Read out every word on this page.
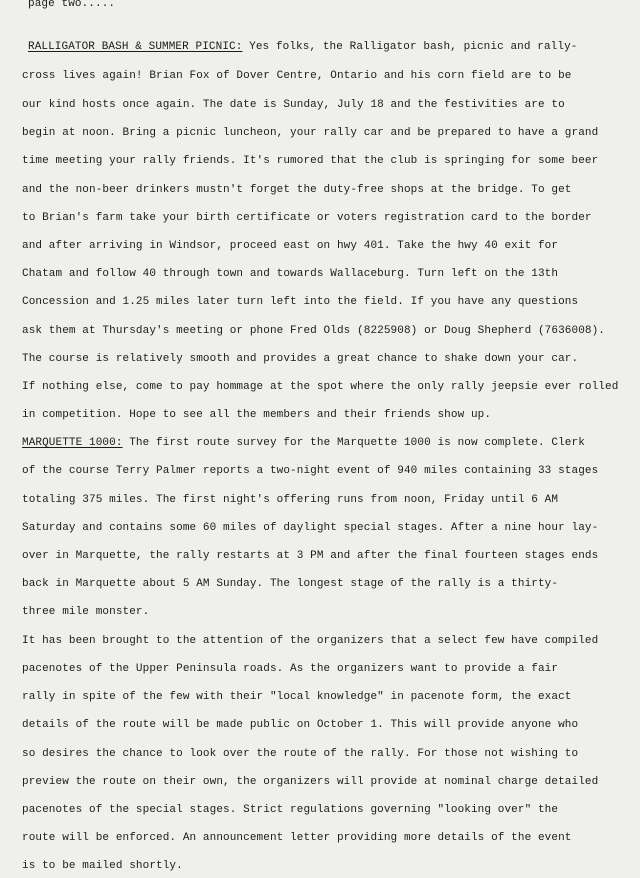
page two.....
RALLIGATOR BASH & SUMMER PICNIC: Yes folks, the Ralligator bash, picnic and rally-
cross lives again! Brian Fox of Dover Centre, Ontario and his corn field are to be
our kind hosts once again. The date is Sunday, July 18 and the festivities are to
begin at noon. Bring a picnic luncheon, your rally car and be prepared to have a grand
time meeting your rally friends. It's rumored that the club is springing for some beer
and the non-beer drinkers mustn't forget the duty-free shops at the bridge. To get
to Brian's farm take your birth certificate or voters registration card to the border
and after arriving in Windsor, proceed east on hwy 401. Take the hwy 40 exit for
Chatam and follow 40 through town and towards Wallaceburg. Turn left on the 13th
Concession and 1.25 miles later turn left into the field. If you have any questions
ask them at Thursday's meeting or phone Fred Olds (8225908) or Doug Shepherd (7636008).
The course is relatively smooth and provides a great chance to shake down your car.
If nothing else, come to pay hommage at the spot where the only rally jeepsie ever rolled
in competition. Hope to see all the members and their friends show up.
MARQUETTE 1000: The first route survey for the Marquette 1000 is now complete. Clerk
of the course Terry Palmer reports a two-night event of 940 miles containing 33 stages
totaling 375 miles. The first night's offering runs from noon, Friday until 6 AM
Saturday and contains some 60 miles of daylight special stages. After a nine hour lay-
over in Marquette, the rally restarts at 3 PM and after the final fourteen stages ends
back in Marquette about 5 AM Sunday. The longest stage of the rally is a thirty-
three mile monster.
It has been brought to the attention of the organizers that a select few have compiled
pacenotes of the Upper Peninsula roads. As the organizers want to provide a fair
rally in spite of the few with their "local knowledge" in pacenote form, the exact
details of the route will be made public on October 1. This will provide anyone who
so desires the chance to look over the route of the rally. For those not wishing to
preview the route on their own, the organizers will provide at nominal charge detailed
pacenotes of the special stages. Strict regulations governing "looking over" the
route will be enforced. An announcement letter providing more details of the event
is to be mailed shortly.
